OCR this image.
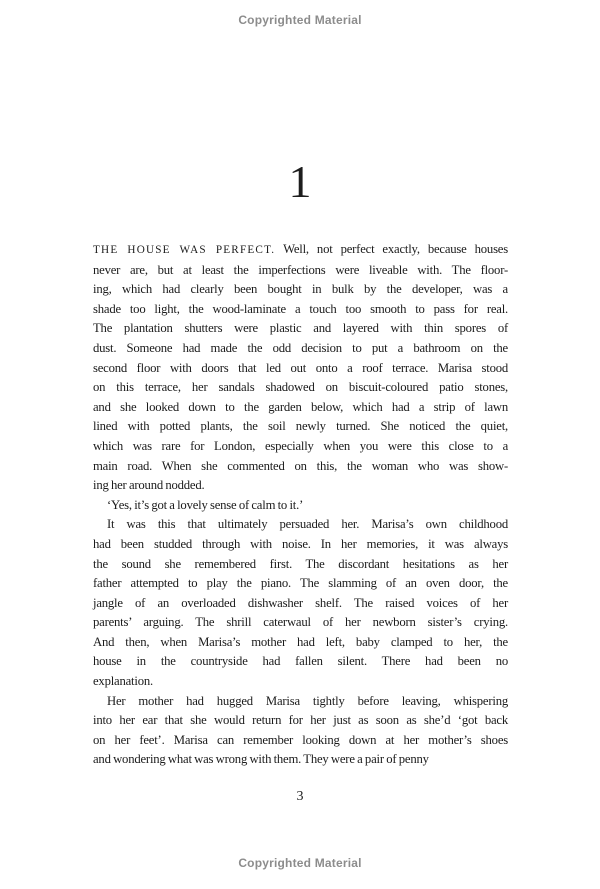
Copyrighted Material
1
THE HOUSE WAS PERFECT. Well, not perfect exactly, because houses
never are, but at least the imperfections were liveable with. The floor-
ing, which had clearly been bought in bulk by the developer, was a
shade too light, the wood-laminate a touch too smooth to pass for real.
The plantation shutters were plastic and layered with thin spores of
dust. Someone had made the odd decision to put a bathroom on the
second floor with doors that led out onto a roof terrace. Marisa stood
on this terrace, her sandals shadowed on biscuit-coloured patio stones,
and she looked down to the garden below, which had a strip of lawn
lined with potted plants, the soil newly turned. She noticed the quiet,
which was rare for London, especially when you were this close to a
main road. When she commented on this, the woman who was show-
ing her around nodded.
‘Yes, it’s got a lovely sense of calm to it.’
It was this that ultimately persuaded her. Marisa’s own childhood
had been studded through with noise. In her memories, it was always
the sound she remembered first. The discordant hesitations as her
father attempted to play the piano. The slamming of an oven door, the
jangle of an overloaded dishwasher shelf. The raised voices of her
parents’ arguing. The shrill caterwaul of her newborn sister’s crying.
And then, when Marisa’s mother had left, baby clamped to her, the
house in the countryside had fallen silent. There had been no
explanation.
Her mother had hugged Marisa tightly before leaving, whispering
into her ear that she would return for her just as soon as she’d ‘got back
on her feet’. Marisa can remember looking down at her mother’s shoes
and wondering what was wrong with them. They were a pair of penny
3
Copyrighted Material
